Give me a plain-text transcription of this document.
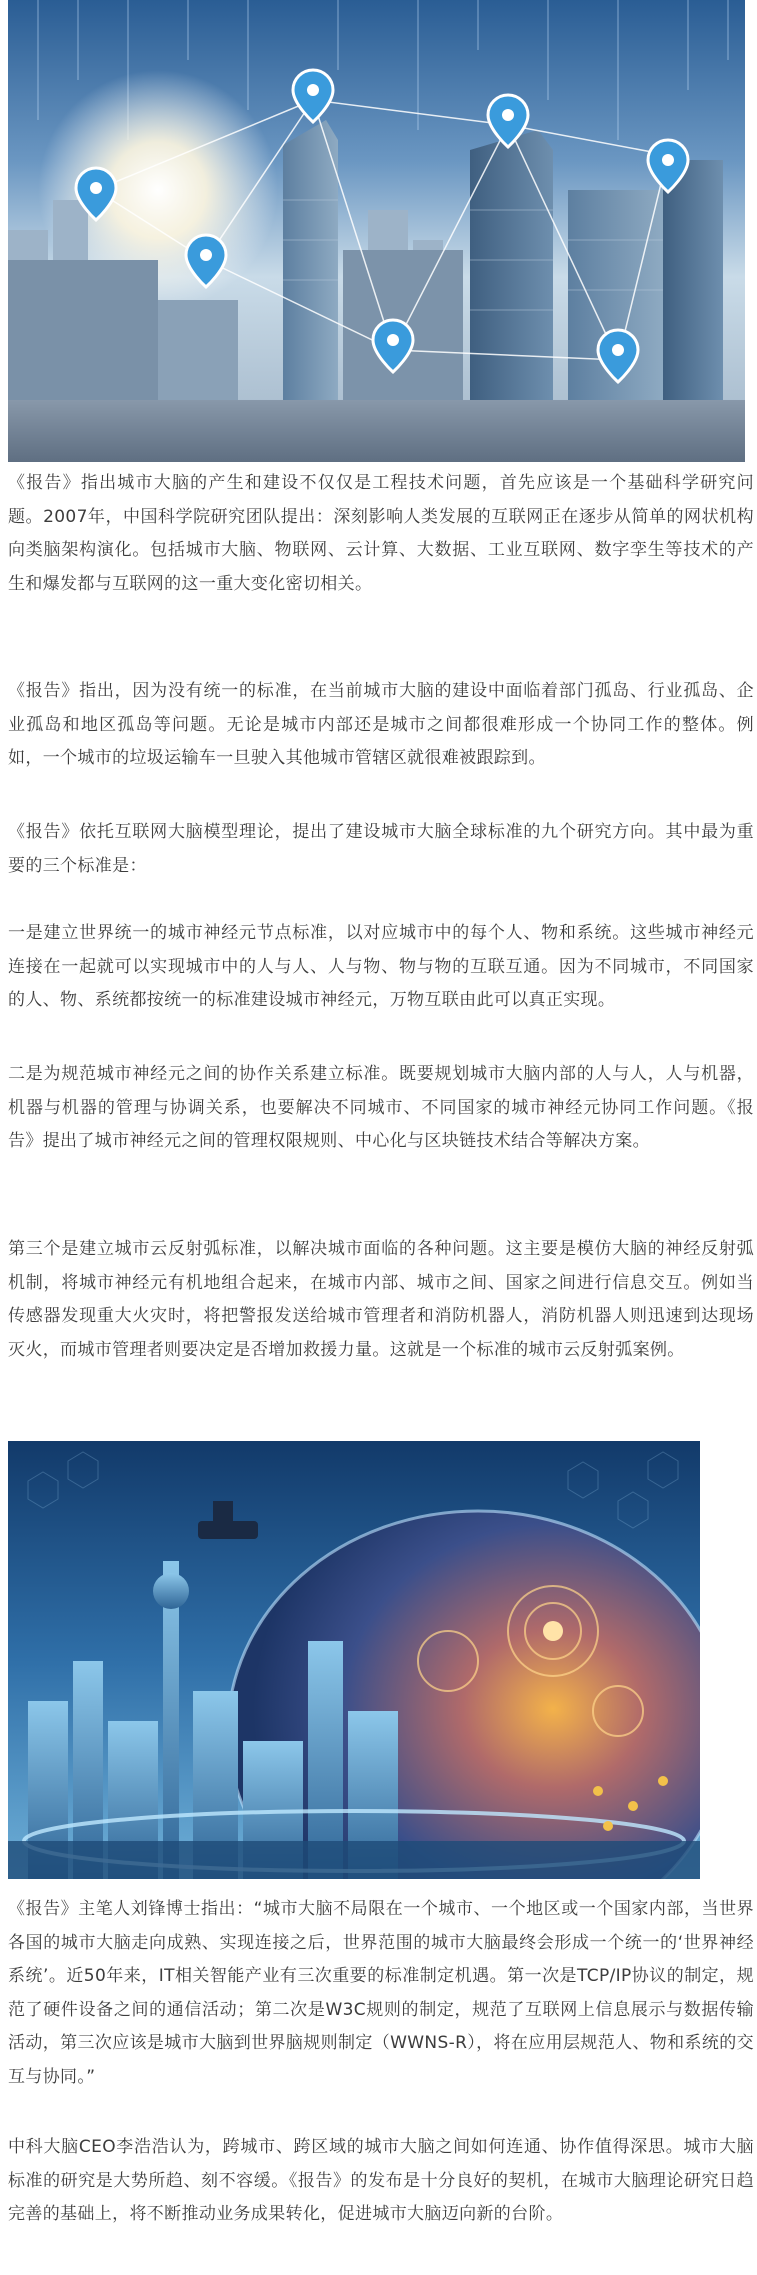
《报告》指出城市大脑的产生和建设不仅仅是工程技术问题，首先应该是一个基础科学研究问题。2007年，中国科学院研究团队提出：深刻影响人类发展的互联网正在逐步从简单的网状机构向类脑架构演化。包括城市大脑、物联网、云计算、大数据、工业互联网、数字孪生等技术的产生和爆发都与互联网的这一重大变化密切相关。

《报告》指出，因为没有统一的标准，在当前城市大脑的建设中面临着部门孤岛、行业孤岛、企业孤岛和地区孤岛等问题。无论是城市内部还是城市之间都很难形成一个协同工作的整体。例如，一个城市的垃圾运输车一旦驶入其他城市管辖区就很难被跟踪到。

《报告》依托互联网大脑模型理论，提出了建设城市大脑全球标准的九个研究方向。其中最为重要的三个标准是：

一是建立世界统一的城市神经元节点标准，以对应城市中的每个人、物和系统。这些城市神经元连接在一起就可以实现城市中的人与人、人与物、物与物的互联互通。因为不同城市，不同国家的人、物、系统都按统一的标准建设城市神经元，万物互联由此可以真正实现。

二是为规范城市神经元之间的协作关系建立标准。既要规划城市大脑内部的人与人，人与机器，机器与机器的管理与协调关系，也要解决不同城市、不同国家的城市神经元协同工作问题。《报告》提出了城市神经元之间的管理权限规则、中心化与区块链技术结合等解决方案。

第三个是建立城市云反射弧标准，以解决城市面临的各种问题。这主要是模仿大脑的神经反射弧机制，将城市神经元有机地组合起来，在城市内部、城市之间、国家之间进行信息交互。例如当传感器发现重大火灾时，将把警报发送给城市管理者和消防机器人，消防机器人则迅速到达现场灭火，而城市管理者则要决定是否增加救援力量。这就是一个标准的城市云反射弧案例。

《报告》主笔人刘锋博士指出：“城市大脑不局限在一个城市、一个地区或一个国家内部，当世界各国的城市大脑走向成熟、实现连接之后，世界范围的城市大脑最终会形成一个统一的‘世界神经系统’。近50年来，IT相关智能产业有三次重要的标准制定机遇。第一次是TCP/IP协议的制定，规范了硬件设备之间的通信活动；第二次是W3C规则的制定，规范了互联网上信息展示与数据传输活动，第三次应该是城市大脑到世界脑规则制定（WWNS-R），将在应用层规范人、物和系统的交互与协同。”

中科大脑CEO李浩浩认为，跨城市、跨区域的城市大脑之间如何连通、协作值得深思。城市大脑标准的研究是大势所趋、刻不容缓。《报告》的发布是十分良好的契机，在城市大脑理论研究日趋完善的基础上，将不断推动业务成果转化，促进城市大脑迈向新的台阶。
